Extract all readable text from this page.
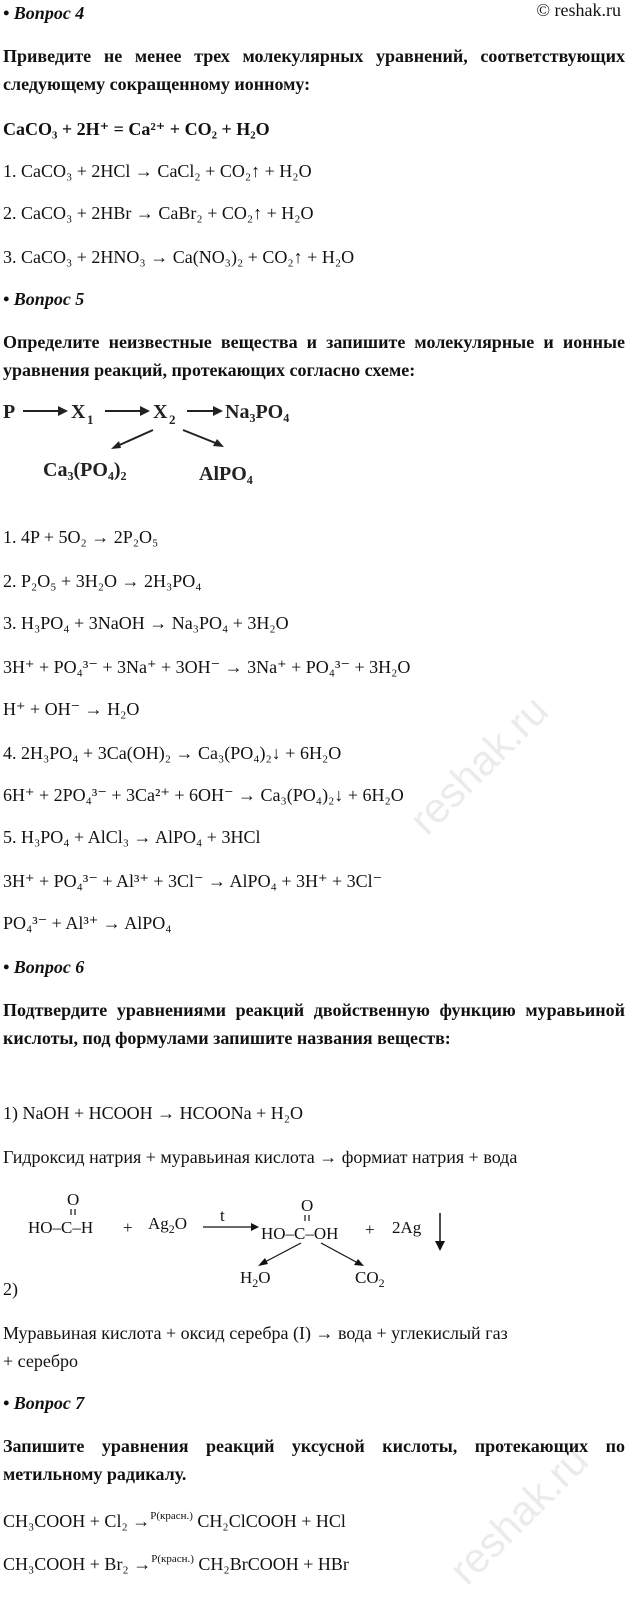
reshak.ru
reshak.ru
• Вопрос 4	© reshak.ru
Приведите не менее трех молекулярных уравнений, соответствующих следующему сокращенному ионному:
CaCO₃ + 2H⁺ = Ca²⁺ + CO₂ + H₂O
1. CaCO₃ + 2HCl → CaCl₂ + CO₂↑ + H₂O
2. CaCO₃ + 2HBr → CaBr₂ + CO₂↑ + H₂O
3. CaCO₃ + 2HNO₃ → Ca(NO₃)₂ + CO₂↑ + H₂O
• Вопрос 5
Определите неизвестные вещества и запишите молекулярные и ионные уравнения реакций, протекающих согласно схеме:
P	X 1	X 2 Na₃PO₄
Ca₃(PO₄)₂	AlPO₄
1. 4P + 5O₂ → 2P₂O₅
2. P₂O₅ + 3H₂O → 2H₃PO₄
3. H₃PO₄ + 3NaOH → Na₃PO₄ + 3H₂O
3H⁺ + PO₄³⁻ + 3Na⁺ + 3OH⁻ → 3Na⁺ + PO₄³⁻ + 3H₂O
H⁺ + OH⁻ → H₂O
4. 2H₃PO₄ + 3Ca(OH)₂ → Ca₃(PO₄)₂↓ + 6H₂O
6H⁺ + 2PO₄³⁻ + 3Ca²⁺ + 6OH⁻ → Ca₃(PO₄)₂↓ + 6H₂O
5. H₃PO₄ + AlCl₃ → AlPO₄ + 3HCl
3H⁺ + PO₄³⁻ + Al³⁺ + 3Cl⁻ → AlPO₄ + 3H⁺ + 3Cl⁻
PO₄³⁻ + Al³⁺ → AlPO₄
• Вопрос 6
Подтвердите уравнениями реакций двойственную функцию муравьиной кислоты, под формулами запишите названия веществ:
1) NaOH + HCOOH → HCOONa + H₂O
Гидроксид натрия + муравьиная кислота → формиат натрия + вода
O
$HO-C-H + Ag_2O$ t
O
HO–C–OH + 2Ag
$H_2O$	$CO_2$
2)
Муравьиная кислота + оксид серебра (I) → вода + углекислый газ
+ серебро
• Вопрос 7
Запишите уравнения реакций уксусной кислоты, протекающих по метильному радикалу.
CH₃COOH + Cl₂ →$^{P(красн.)}$ CH₂ClCOOH + HCl
CH₃COOH + Br₂ →$^{P(красн.)}$ CH₂BrCOOH + HBr
